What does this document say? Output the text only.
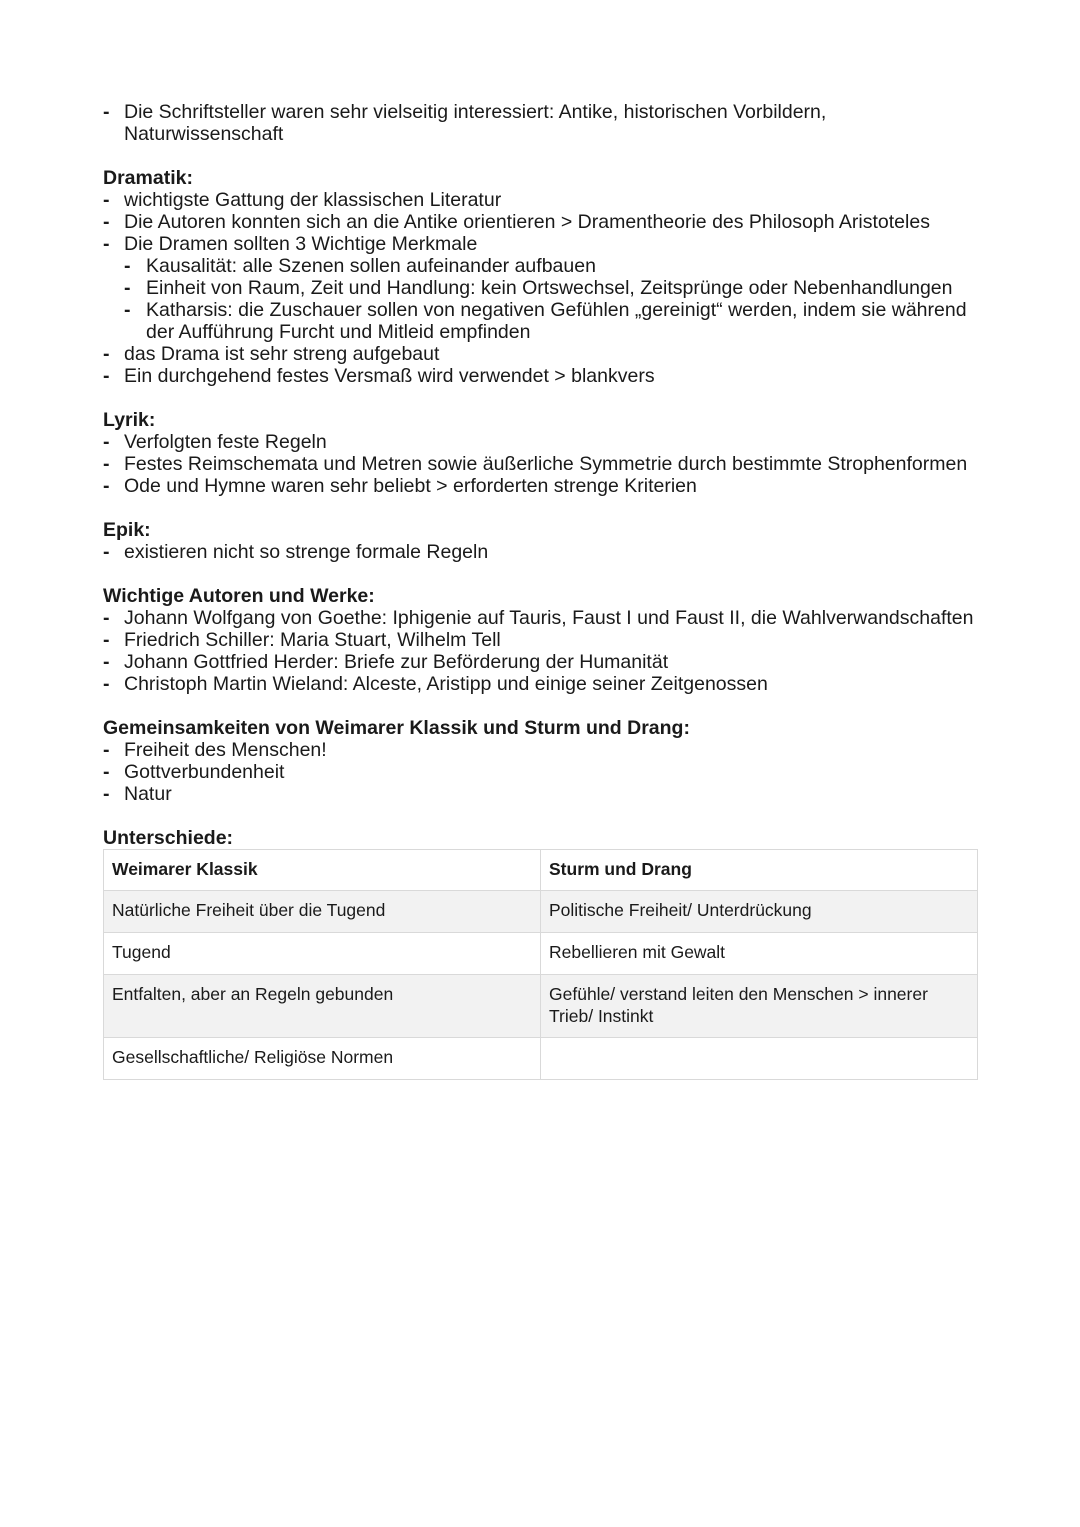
- Die Schriftsteller waren sehr vielseitig interessiert: Antike, historischen Vorbildern, Naturwissenschaft

Dramatik:

- wichtigste Gattung der klassischen Literatur
- Die Autoren konnten sich an die Antike orientieren > Dramentheorie des Philosoph Aristoteles
- Die Dramen sollten 3 Wichtige Merkmale
- Kausalität: alle Szenen sollen aufeinander aufbauen
- Einheit von Raum, Zeit und Handlung: kein Ortswechsel, Zeitsprünge oder Nebenhandlungen
- Katharsis: die Zuschauer sollen von negativen Gefühlen „gereinigt“ werden, indem sie während der Aufführung Furcht und Mitleid empfinden
- das Drama ist sehr streng aufgebaut
- Ein durchgehend festes Versmaß wird verwendet > blankvers

Lyrik:

- Verfolgten feste Regeln
- Festes Reimschemata und Metren sowie äußerliche Symmetrie durch bestimmte Strophenformen
- Ode und Hymne waren sehr beliebt > erforderten strenge Kriterien

Epik:

- existieren nicht so strenge formale Regeln

Wichtige Autoren und Werke:

- Johann Wolfgang von Goethe: Iphigenie auf Tauris, Faust I und Faust II, die Wahlverwandschaften
- Friedrich Schiller: Maria Stuart, Wilhelm Tell
- Johann Gottfried Herder: Briefe zur Beförderung der Humanität
- Christoph Martin Wieland: Alceste, Aristipp und einige seiner Zeitgenossen

Gemeinsamkeiten von Weimarer Klassik und Sturm und Drang:

- Freiheit des Menschen!
- Gottverbundenheit
- Natur

Unterschiede:

Weimarer Klassik	Sturm und Drang
Natürliche Freiheit über die Tugend	Politische Freiheit/ Unterdrückung
Tugend	Rebellieren mit Gewalt
Entfalten, aber an Regeln gebunden	Gefühle/ verstand leiten den Menschen > innerer Trieb/ Instinkt
Gesellschaftliche/ Religiöse Normen	
